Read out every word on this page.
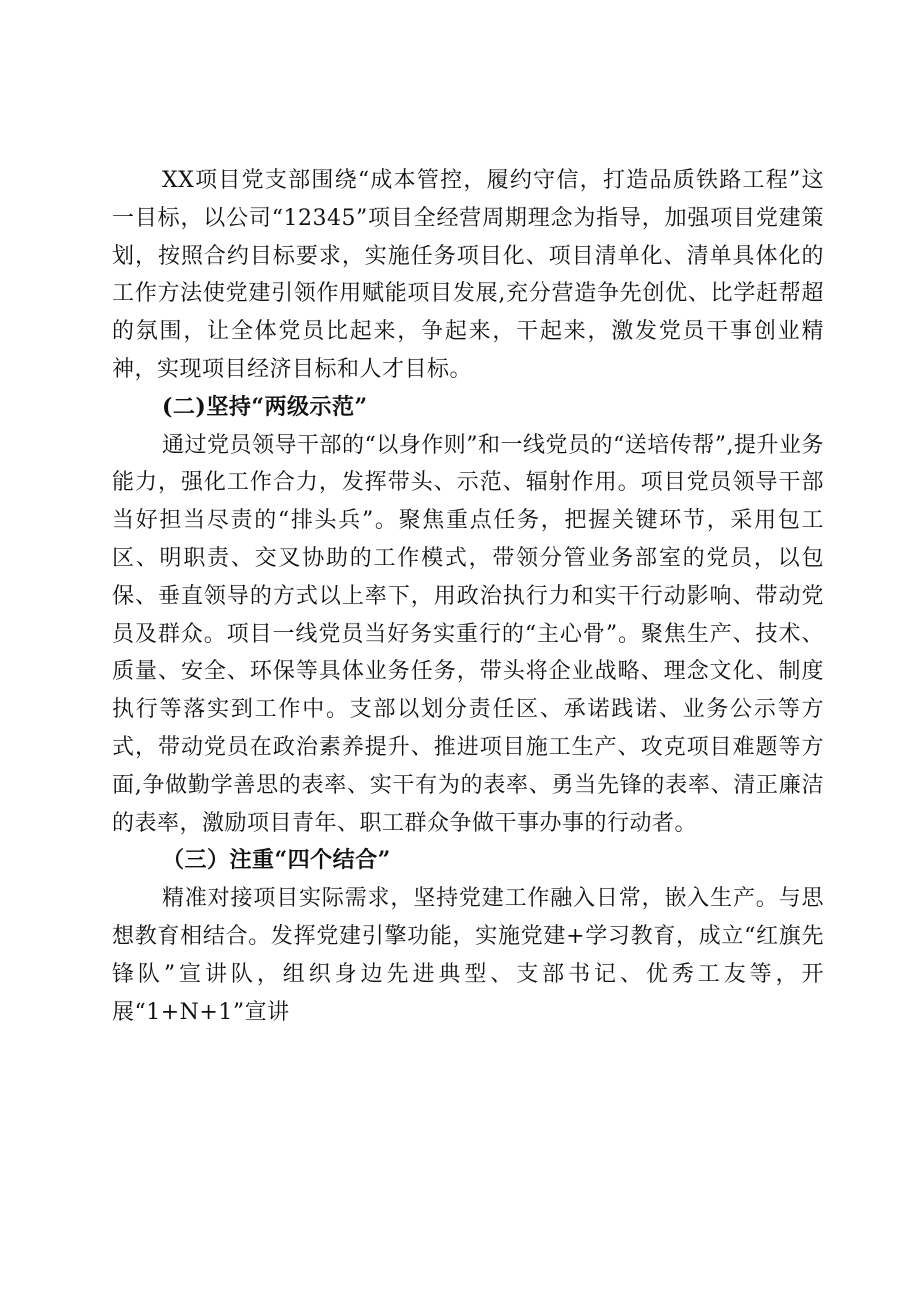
XX项目党支部围绕“成本管控，履约守信，打造品质铁路工程”这一目标，以公司“12345”项目全经营周期理念为指导，加强项目党建策划，按照合约目标要求，实施任务项目化、项目清单化、清单具体化的工作方法使党建引领作用赋能项目发展,充分营造争先创优、比学赶帮超的氛围，让全体党员比起来，争起来，干起来，激发党员干事创业精神，实现项目经济目标和人才目标。

(二)坚持“两级示范”

通过党员领导干部的“以身作则”和一线党员的“送培传帮”,提升业务能力，强化工作合力，发挥带头、示范、辐射作用。项目党员领导干部当好担当尽责的“排头兵”。聚焦重点任务，把握关键环节，采用包工区、明职责、交叉协助的工作模式，带领分管业务部室的党员，以包保、垂直领导的方式以上率下，用政治执行力和实干行动影响、带动党员及群众。项目一线党员当好务实重行的“主心骨”。聚焦生产、技术、质量、安全、环保等具体业务任务，带头将企业战略、理念文化、制度执行等落实到工作中。支部以划分责任区、承诺践诺、业务公示等方式，带动党员在政治素养提升、推进项目施工生产、攻克项目难题等方面,争做勤学善思的表率、实干有为的表率、勇当先锋的表率、清正廉洁的表率，激励项目青年、职工群众争做干事办事的行动者。

（三）注重“四个结合”

精准对接项目实际需求，坚持党建工作融入日常，嵌入生产。与思想教育相结合。发挥党建引擎功能，实施党建+学习教育，成立“红旗先锋队”宣讲队，组织身边先进典型、支部书记、优秀工友等，开展“1+N+1”宣讲
